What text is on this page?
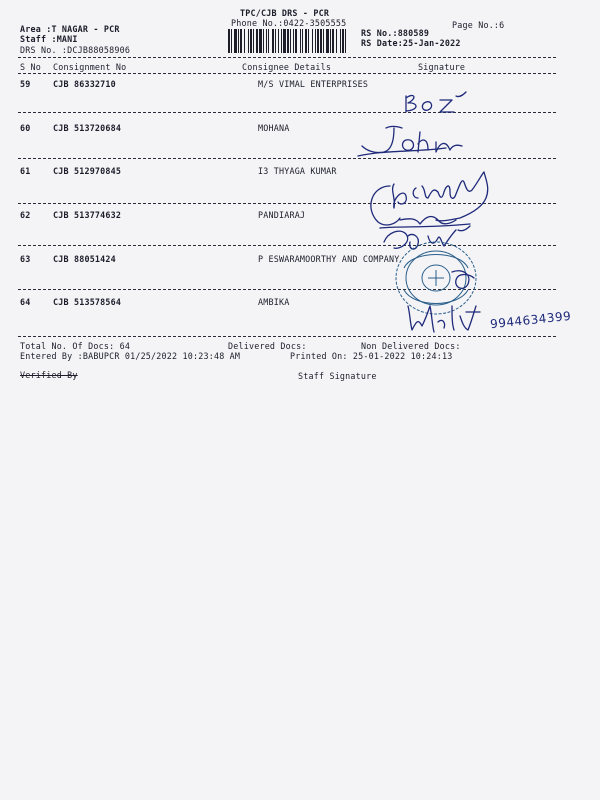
TPC/CJB DRS - PCR
Phone No.:0422-3505555
Area :T NAGAR - PCR
Staff :MANI
DRS No. :DCJB88058906
RS No.:880589
RS Date:25-Jan-2022
Page No.:6
S No Consignment No	Consignee Details	Signature
59	CJB 86332710	M/S VIMAL ENTERPRISES
60	CJB 513720684	MOHANA
61	CJB 512970845	I3 THYAGA KUMAR
62	CJB 513774632	PANDIARAJ
63	CJB 88051424	P ESWARAMOORTHY AND COMPANY
64	CJB 513578564	AMBIKA
Total No. Of Docs: 64	Delivered Docs:	Non Delivered Docs:
Entered By :BABUPCR 01/25/2022 10:23:48 AM	Printed On: 25-01-2022 10:24:13
Verified By	Staff Signature
9944634399
